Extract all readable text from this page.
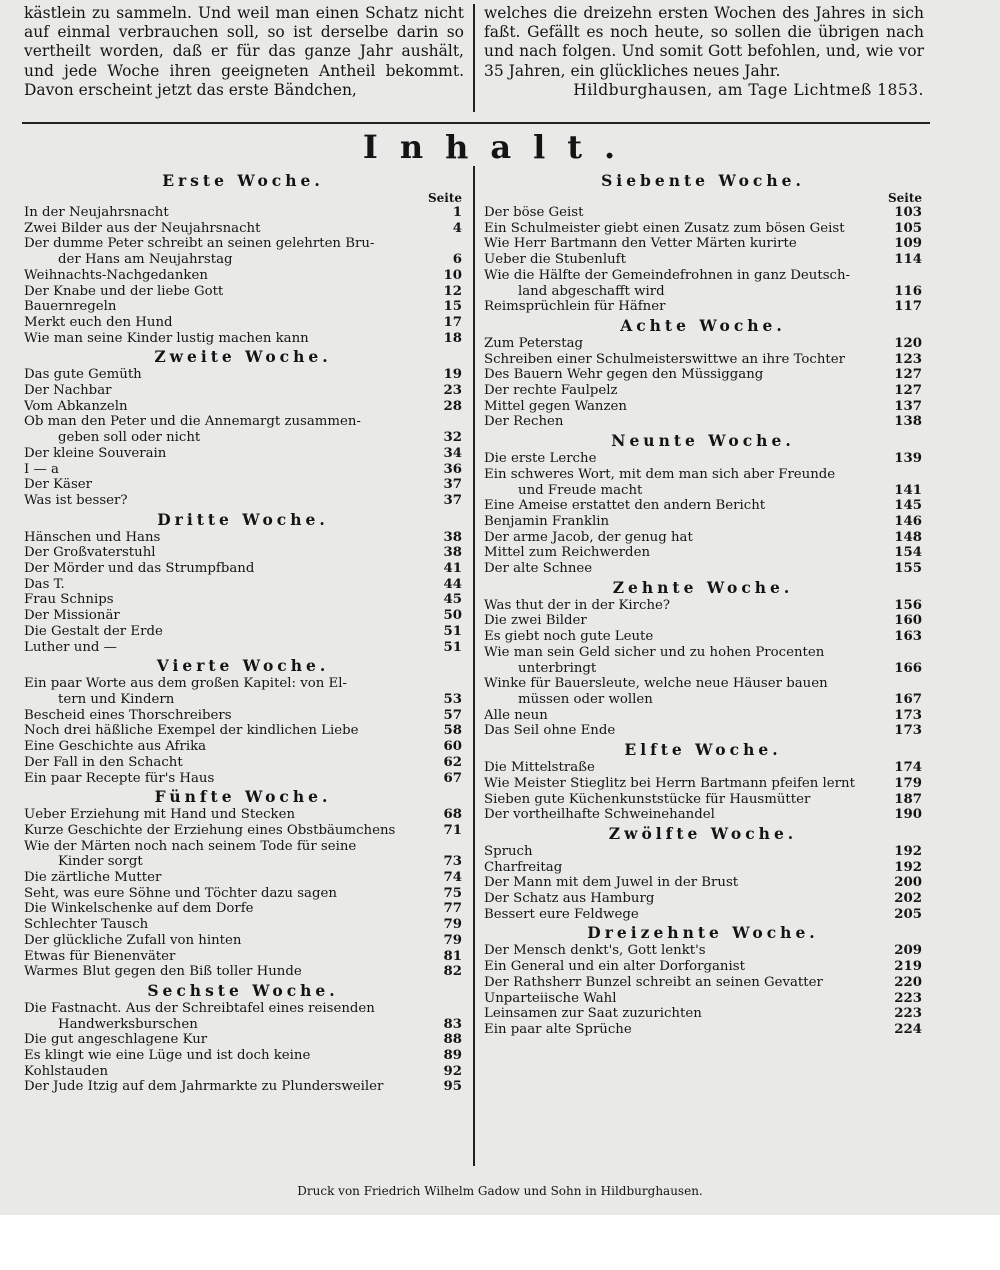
kästlein zu sammeln. Und weil man einen Schatz nicht auf einmal verbrauchen soll, so ist derselbe darin so vertheilt worden, daß er für das ganze Jahr aushält, und jede Woche ihren geeigneten Antheil bekommt. Davon erscheint jetzt das erste Bändchen,

welches die dreizehn ersten Wochen des Jahres in sich faßt. Gefällt es noch heute, so sollen die übrigen nach und nach folgen. Und somit Gott befohlen, und, wie vor 35 Jahren, ein glückliches neues Jahr.

Hildburghausen, am Tage Lichtmeß 1853.

Inhalt.
Erste Woche.
Seite
In der Neujahrsnacht	1
Zwei Bilder aus der Neujahrsnacht	4
Der dumme Peter schreibt an seinen gelehrten Bru-
der Hans am Neujahrstag	6
Weihnachts-Nachgedanken	10
Der Knabe und der liebe Gott	12
Bauernregeln	15
Merkt euch den Hund	17
Wie man seine Kinder lustig machen kann	18
Zweite Woche.
Das gute Gemüth	19
Der Nachbar	23
Vom Abkanzeln	28
Ob man den Peter und die Annemargt zusammen-
geben soll oder nicht	32
Der kleine Souverain	34
I — a	36
Der Käser	37
Was ist besser?	37
Dritte Woche.
Hänschen und Hans	38
Der Großvaterstuhl	38
Der Mörder und das Strumpfband	41
Das T.	44
Frau Schnips	45
Der Missionär	50
Die Gestalt der Erde	51
Luther und —	51
Vierte Woche.
Ein paar Worte aus dem großen Kapitel: von El-
tern und Kindern	53
Bescheid eines Thorschreibers	57
Noch drei häßliche Exempel der kindlichen Liebe	58
Eine Geschichte aus Afrika	60
Der Fall in den Schacht	62
Ein paar Recepte für's Haus	67
Fünfte Woche.
Ueber Erziehung mit Hand und Stecken	68
Kurze Geschichte der Erziehung eines Obstbäumchens	71
Wie der Märten noch nach seinem Tode für seine
Kinder sorgt	73
Die zärtliche Mutter	74
Seht, was eure Söhne und Töchter dazu sagen	75
Die Winkelschenke auf dem Dorfe	77
Schlechter Tausch	79
Der glückliche Zufall von hinten	79
Etwas für Bienenväter	81
Warmes Blut gegen den Biß toller Hunde	82
Sechste Woche.
Die Fastnacht. Aus der Schreibtafel eines reisenden
Handwerksburschen	83
Die gut angeschlagene Kur	88
Es klingt wie eine Lüge und ist doch keine	89
Kohlstauden	92
Der Jude Itzig auf dem Jahrmarkte zu Plundersweiler	95
Siebente Woche.
Seite
Der böse Geist	103
Ein Schulmeister giebt einen Zusatz zum bösen Geist	105
Wie Herr Bartmann den Vetter Märten kurirte	109
Ueber die Stubenluft	114
Wie die Hälfte der Gemeindefrohnen in ganz Deutsch-
land abgeschafft wird	116
Reimsprüchlein für Häfner	117
Achte Woche.
Zum Peterstag	120
Schreiben einer Schulmeisterswittwe an ihre Tochter	123
Des Bauern Wehr gegen den Müssiggang	127
Der rechte Faulpelz	127
Mittel gegen Wanzen	137
Der Rechen	138
Neunte Woche.
Die erste Lerche	139
Ein schweres Wort, mit dem man sich aber Freunde
und Freude macht	141
Eine Ameise erstattet den andern Bericht	145
Benjamin Franklin	146
Der arme Jacob, der genug hat	148
Mittel zum Reichwerden	154
Der alte Schnee	155
Zehnte Woche.
Was thut der in der Kirche?	156
Die zwei Bilder	160
Es giebt noch gute Leute	163
Wie man sein Geld sicher und zu hohen Procenten
unterbringt	166
Winke für Bauersleute, welche neue Häuser bauen
müssen oder wollen	167
Alle neun	173
Das Seil ohne Ende	173
Elfte Woche.
Die Mittelstraße	174
Wie Meister Stieglitz bei Herrn Bartmann pfeifen lernt	179
Sieben gute Küchenkunststücke für Hausmütter	187
Der vortheilhafte Schweinehandel	190
Zwölfte Woche.
Spruch	192
Charfreitag	192
Der Mann mit dem Juwel in der Brust	200
Der Schatz aus Hamburg	202
Bessert eure Feldwege	205
Dreizehnte Woche.
Der Mensch denkt's, Gott lenkt's	209
Ein General und ein alter Dorforganist	219
Der Rathsherr Bunzel schreibt an seinen Gevatter	220
Unparteiische Wahl	223
Leinsamen zur Saat zuzurichten	223
Ein paar alte Sprüche	224
Druck von Friedrich Wilhelm Gadow und Sohn in Hildburghausen.
